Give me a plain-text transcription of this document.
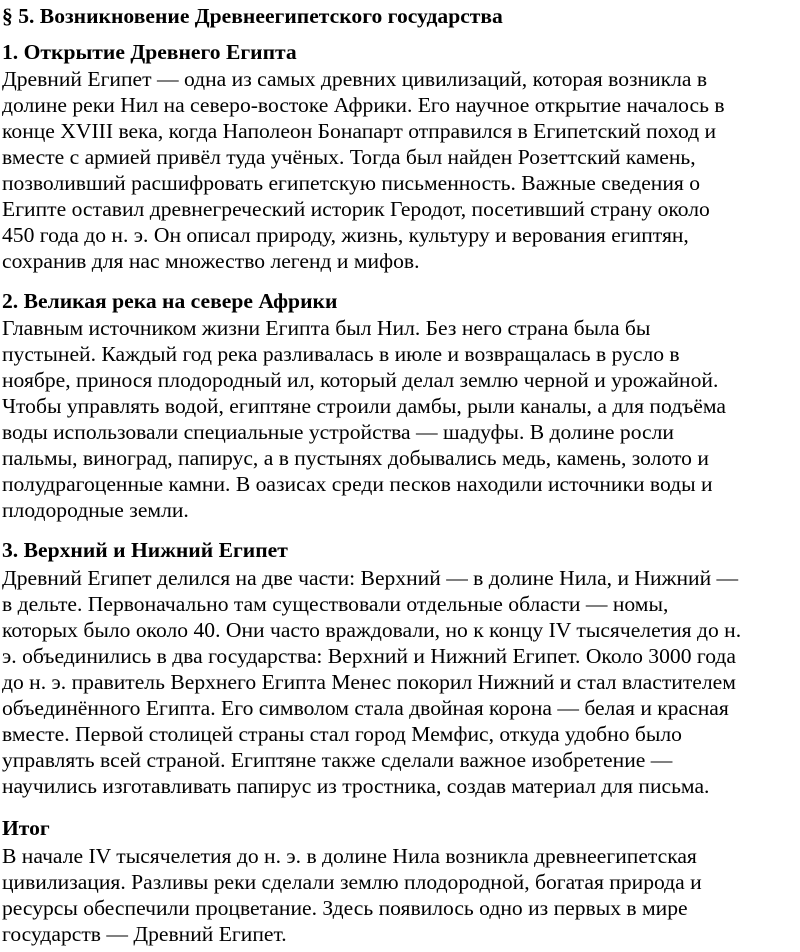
§ 5. Возникновение Древнеегипетского государства
1. Открытие Древнего Египта
Древний Египет — одна из самых древних цивилизаций, которая возникла в
долине реки Нил на северо-востоке Африки. Его научное открытие началось в
конце XVIII века, когда Наполеон Бонапарт отправился в Египетский поход и
вместе с армией привёл туда учёных. Тогда был найден Розеттский камень,
позволивший расшифровать египетскую письменность. Важные сведения о
Египте оставил древнегреческий историк Геродот, посетивший страну около
450 года до н. э. Он описал природу, жизнь, культуру и верования египтян,
сохранив для нас множество легенд и мифов.
2. Великая река на севере Африки
Главным источником жизни Египта был Нил. Без него страна была бы
пустыней. Каждый год река разливалась в июле и возвращалась в русло в
ноябре, принося плодородный ил, который делал землю черной и урожайной.
Чтобы управлять водой, египтяне строили дамбы, рыли каналы, а для подъёма
воды использовали специальные устройства — шадуфы. В долине росли
пальмы, виноград, папирус, а в пустынях добывались медь, камень, золото и
полудрагоценные камни. В оазисах среди песков находили источники воды и
плодородные земли.
3. Верхний и Нижний Египет
Древний Египет делился на две части: Верхний — в долине Нила, и Нижний —
в дельте. Первоначально там существовали отдельные области — номы,
которых было около 40. Они часто враждовали, но к концу IV тысячелетия до н.
э. объединились в два государства: Верхний и Нижний Египет. Около 3000 года
до н. э. правитель Верхнего Египта Менес покорил Нижний и стал властителем
объединённого Египта. Его символом стала двойная корона — белая и красная
вместе. Первой столицей страны стал город Мемфис, откуда удобно было
управлять всей страной. Египтяне также сделали важное изобретение —
научились изготавливать папирус из тростника, создав материал для письма.
Итог
В начале IV тысячелетия до н. э. в долине Нила возникла древнеегипетская
цивилизация. Разливы реки сделали землю плодородной, богатая природа и
ресурсы обеспечили процветание. Здесь появилось одно из первых в мире
государств — Древний Египет.
